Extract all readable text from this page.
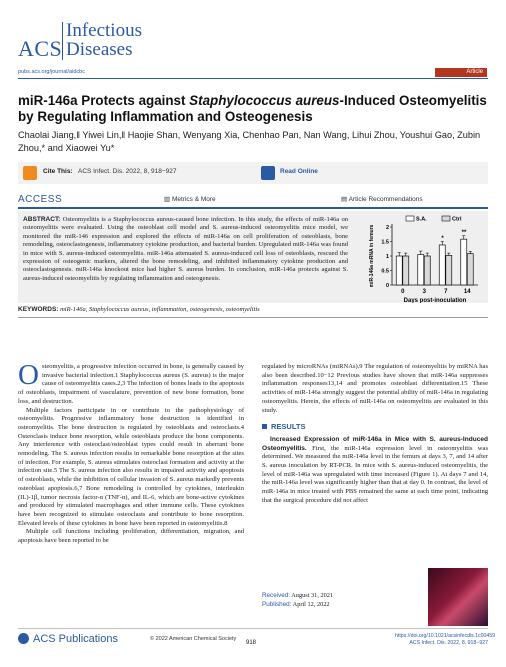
ACS
Infectious
Diseases
pubs.acs.org/journal/aidcbc	Article
miR-146a Protects against Staphylococcus aureus-Induced Osteomyelitis by Regulating Inflammation and Osteogenesis
Chaolai Jiang,‖ Yiwei Lin,‖ Haojie Shan, Wenyang Xia, Chenhao Pan, Nan Wang, Lihui Zhou, Youshui Gao, Zubin Zhou,* and Xiaowei Yu*
Cite This: ACS Infect. Dis. 2022, 8, 918−927	Read Online
ACCESS	▥ Metrics & More	▤ Article Recommendations
ABSTRACT: Osteomyelitis is a Staphylococcus aureus-caused bone infection. In this study, the effects of miR-146a on osteomyelitis were evaluated. Using the osteoblast cell model and S. aureus-induced osteomyelitis mice model, we monitored the miR-146 expression and explored the effects of miR-146a on cell proliferation of osteoblasts, bone remodeling, osteoclastogenesis, inflammatory cytokine production, and bacterial burden. Upregulated miR-146a was found in mice with S. aureus-induced osteomyelitis. miR-146a attenuated S. aureus-induced cell loss of osteoblasts, rescued the expression of osteogenic markers, altered the bone remodeling, and inhibited inflammatory cytokine production and osteoclastogenesis. miR-146a knockout mice had higher S. aureus burden. In conclusion, miR-146a protects against S. aureus-induced osteomyelitis by regulating inflammation and osteogenesis.
0
0.5
1
1.5
2
miR-146a mRNA in femurs
0	3	7	14
*
**
Days post-inoculation
S.A.	Ctrl
KEYWORDS: miR-146a, Staphylococcus aureus, inflammation, osteogenesis, osteomyelitis

Osteomyelitis, a progressive infection occurred in bone, is generally caused by invasive bacterial infection.1 Staphylococcus aureus (S. aureus) is the major cause of osteomyelitis cases.2,3 The infection of bones leads to the apoptosis of osteoblasts, impairment of vasculature, prevention of new bone formation, bone loss, and destruction.

Multiple factors participate in or contribute to the pathophysiology of osteomyelitis. Progressive inflammatory bone destruction is identified in osteomyelitis. The bone destruction is regulated by osteoblasts and osteoclasts.4 Osteoclasts induce bone resorption, while osteoblasts produce the bone components. Any interference with osteoclast/osteoblast types could result in aberrant bone remodeling. The S. aureus infection results in remarkable bone resorption at the sites of infection. For example, S. aureus stimulates osteoclast formation and activity at the infection site.5 The S. aureus infection also results in impaired activity and apoptosis of osteoblasts, while the inhibition of cellular invasion of S. aureus markedly prevents osteoblast apoptosis.6,7 Bone remodeling is controlled by cytokines, interleukin (IL)-1β, tumor necrosis factor-α (TNF-α), and IL-6, which are bone-active cytokines and produced by stimulated macrophages and other immune cells. These cytokines have been recognized to stimulate osteoclasts and contribute to bone resorption. Elevated levels of these cytokines in bone have been reported in osteomyelitis.8

Multiple cell functions including proliferation, differentiation, migration, and apoptosis have been reported to be

regulated by microRNAs (miRNAs).9 The regulation of osteomyelitis by miRNA has also been described.10−12 Previous studies have shown that miR-146a suppresses inflammation responses13,14 and promotes osteoblast differentiation.15 These activities of miR-146a strongly suggest the potential ability of miR-146a in regulating osteomyelitis. Herein, the effects of miR-146a on osteomyelitis are evaluated in this study.

RESULTS

Increased Expression of miR-146a in Mice with S. aureus-Induced Osteomyelitis. First, the miR-146a expression level in osteomyelitis was determined. We measured the miR-146a level in the femurs at days 3, 7, and 14 after S. aureus inoculation by RT-PCR. In mice with S. aureus-induced osteomyelitis, the level of miR-146a was upregulated with time increased (Figure 1). At days 7 and 14, the miR-146a level was significantly higher than that at day 0. In contrast, the level of miR-146a in mice treated with PBS remained the same at each time point, indicating that the surgical procedure did not affect

Received: August 31, 2021
Published: April 12, 2022
ACS Publications	© 2022 American Chemical Society
918
https://doi.org/10.1021/acsinfecdis.1c00459
ACS Infect. Dis. 2022, 8, 918−927
